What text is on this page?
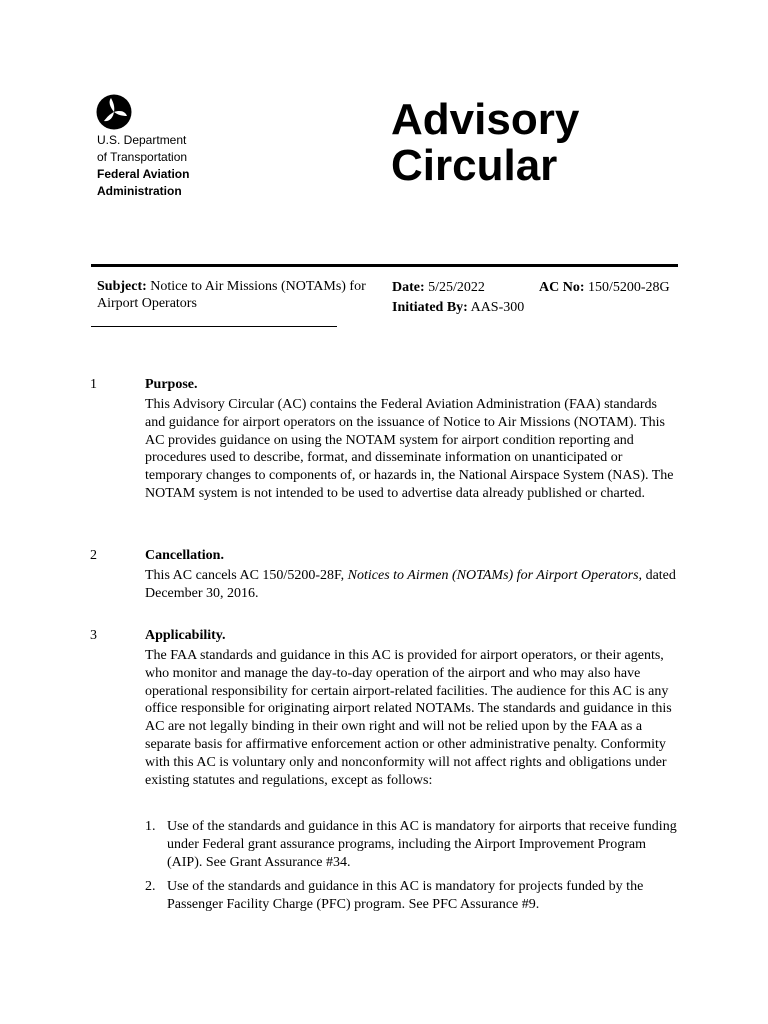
U.S. Department
of Transportation
Federal Aviation
Administration
Advisory
Circular
Subject: Notice to Air Missions (NOTAMs) for Airport Operators
Date: 5/25/2022
Initiated By: AAS-300
AC No: 150/5200-28G
1	Purpose.
This Advisory Circular (AC) contains the Federal Aviation Administration (FAA) standards and guidance for airport operators on the issuance of Notice to Air Missions (NOTAM). This AC provides guidance on using the NOTAM system for airport condition reporting and procedures used to describe, format, and disseminate information on unanticipated or temporary changes to components of, or hazards in, the National Airspace System (NAS). The NOTAM system is not intended to be used to advertise data already published or charted.
2	Cancellation.
This AC cancels AC 150/5200-28F, Notices to Airmen (NOTAMs) for Airport Operators, dated December 30, 2016.
3	Applicability.
The FAA standards and guidance in this AC is provided for airport operators, or their agents, who monitor and manage the day-to-day operation of the airport and who may also have operational responsibility for certain airport-related facilities. The audience for this AC is any office responsible for originating airport related NOTAMs. The standards and guidance in this AC are not legally binding in their own right and will not be relied upon by the FAA as a separate basis for affirmative enforcement action or other administrative penalty. Conformity with this AC is voluntary only and nonconformity will not affect rights and obligations under existing statutes and regulations, except as follows:
1. Use of the standards and guidance in this AC is mandatory for airports that receive funding under Federal grant assurance programs, including the Airport Improvement Program (AIP). See Grant Assurance #34.
2. Use of the standards and guidance in this AC is mandatory for projects funded by the Passenger Facility Charge (PFC) program. See PFC Assurance #9.
